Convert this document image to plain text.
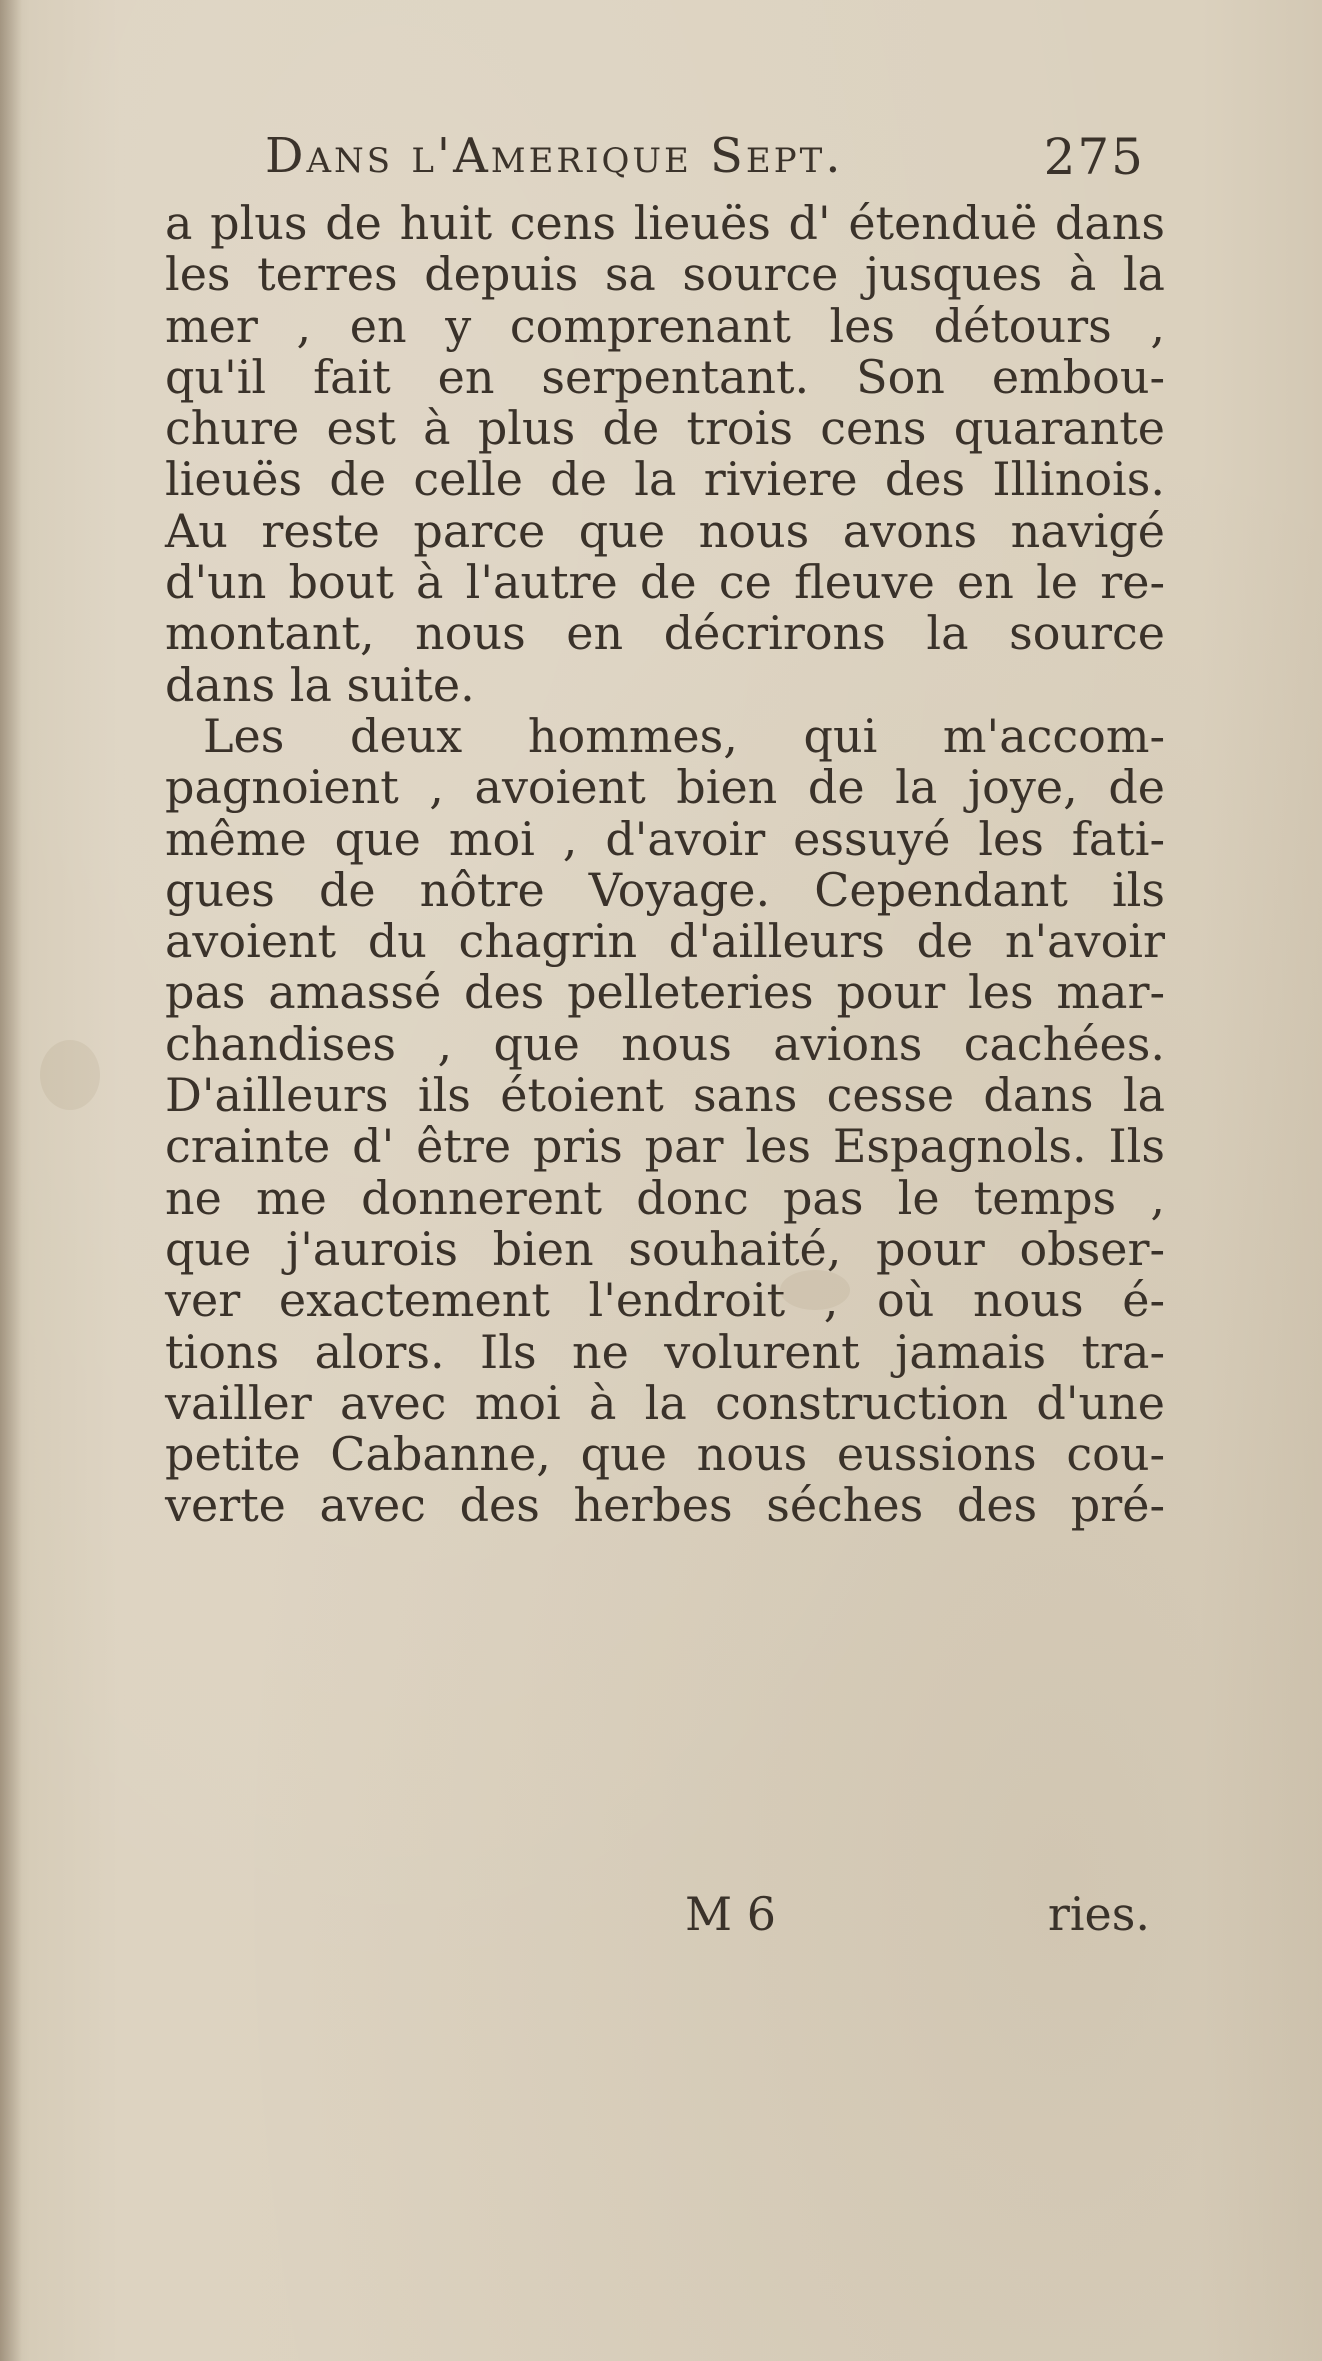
Dans l'Amerique Sept.	275
a plus de huit cens lieuës d' étenduë dans
les terres depuis sa source jusques à la
mer , en y comprenant les détours ,
qu'il fait en serpentant. Son embou-
chure est à plus de trois cens quarante
lieuës de celle de la riviere des Illinois.
Au reste parce que nous avons navigé
d'un bout à l'autre de ce fleuve en le re-
montant, nous en décrirons la source
dans la suite.
Les deux hommes, qui m'accom-
pagnoient , avoient bien de la joye, de
même que moi , d'avoir essuyé les fati-
gues de nôtre Voyage. Cependant ils
avoient du chagrin d'ailleurs de n'avoir
pas amassé des pelleteries pour les mar-
chandises , que nous avions cachées.
D'ailleurs ils étoient sans cesse dans la
crainte d' être pris par les Espagnols. Ils
ne me donnerent donc pas le temps ,
que j'aurois bien souhaité, pour obser-
ver exactement l'endroit , où nous é-
tions alors. Ils ne volurent jamais tra-
vailler avec moi à la construction d'une
petite Cabanne, que nous eussions cou-
verte avec des herbes séches des pré-
M 6	ries.
